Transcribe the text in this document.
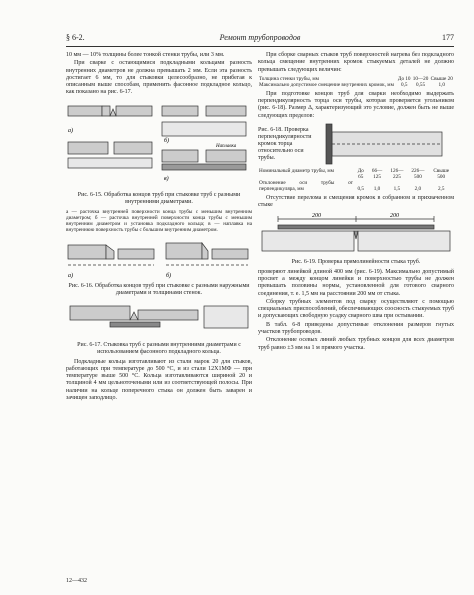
§ 6-2.	Ремонт трубопроводов	177

10 мм — 10% толщины более тонкой стенки трубы, или 3 мм.

При сварке с остающимися подкладными кольцами разность внутренних диаметров не должна превышать 2 мм. Если эта разность достигает 6 мм, то для стыковки целесообразно, не прибегая к описанным выше способам, применить фасонное подкладное кольцо, как показано на рис. 6-17.

Наплавка
а)
б)
в)
Рис. 6-15. Обработка концов труб при стыковке труб с разными внутренними диаметрами.
а — расточка внутренней поверхности конца трубы с меньшим внутренним диаметром; б — расточка внутренней поверхности конца трубы с меньшим внутренним диаметром и установка подкладного кольца; в — наплавка на внутреннюю поверхность трубы с большим внутренним диаметром.
а)	б)
Рис. 6-16. Обработка концов труб при стыковке с разными наружными диаметрами и толщинами стенок.
Рис. 6-17. Стыковка труб с разными внутренними диаметрами с использованием фасонного подкладного кольца.

Подкладные кольца изготавливают из стали марок 20 для стыков, работающих при температуре до 500 °С, и из стали 12Х1МФ — при температуре выше 500 °С. Кольца изготавливаются шириной 20 и толщиной 4 мм цельноточеными или из соответствующей полосы. При наличии на кольце поперечного стыка он должен быть заварен и зачищен заподлицо.

При сборке сварных стыков труб поверхностей нагрева без подкладного кольца смещение внутренних кромок стыкуемых деталей не должно превышать следующих величин:

Толщина стенки трубы, мм	До 10	10—20	Свыше 20
Максимально допустимое смещение внутренних кромок, мм	0,5	0,55	1,0

При подготовке концов труб для сварки необходимо выдержать перпендикулярность торца оси трубы, которая проверяется угольником (рис. 6-18). Размер Δ, характеризующий это условие, должен быть не выше следующих пределов:

Рис. 6-18. Проверка перпендикулярности кромок торца относительно оси трубы.
Номинальный диаметр трубы, мм	До 65	66—125	126—225	226—500	Свыше 500
Отклонение оси трубы от перпендикуляра, мм	0,5	1,0	1,5	2,0	2,5

Отсутствие перелома и смещения кромок в собранном и прихваченном стыке

200	200
Рис. 6-19. Проверка прямолинейности стыка труб.

проверяют линейкой длиной 400 мм (рис. 6-19). Максимально допустимый просвет а между концом линейки и поверхностью трубы не должен превышать половины нормы, установленной для готового сварного соединения, т. е. 1,5 мм на расстоянии 200 мм от стыка.

Сборку трубных элементов под сварку осуществляют с помощью специальных приспособлений, обеспечивающих соосность стыкуемых труб и допускающих свободную усадку сварного шва при остывании.

В табл. 6-8 приведены допустимые отклонения размеров гнутых участков трубопроводов.

Отклонение осевых линий любых трубных концов для всех диаметров труб равно ±3 мм на 1 м прямого участка.

12—432
